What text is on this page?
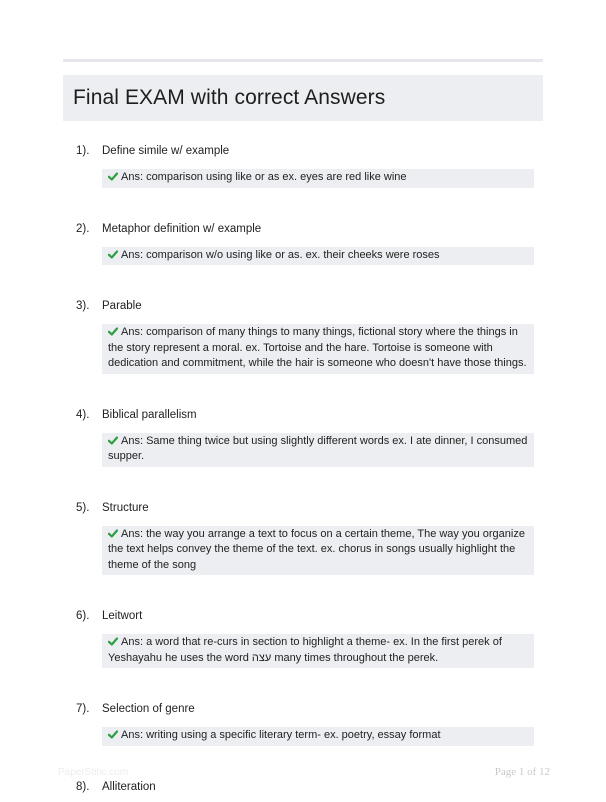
Final EXAM with correct Answers
1).	Define simile w/ example
Ans: comparison using like or as ex. eyes are red like wine
2).	Metaphor definition w/ example
Ans: comparison w/o using like or as. ex. their cheeks were roses
3).	Parable
Ans: comparison of many things to many things, fictional story where the things in the story represent a moral. ex. Tortoise and the hare. Tortoise is someone with dedication and commitment, while the hair is someone who doesn't have those things.
4).	Biblical parallelism
Ans: Same thing twice but using slightly different words ex. I ate dinner, I consumed supper.
5).	Structure
Ans: the way you arrange a text to focus on a certain theme, The way you organize the text helps convey the theme of the text. ex. chorus in songs usually highlight the theme of the song
6).	Leitwort
Ans: a word that re-curs in section to highlight a theme- ex. In the first perek of Yeshayahu he uses the word עצה many times throughout the perek.
7).	Selection of genre
Ans: writing using a specific literary term- ex. poetry, essay format
8).	Alliteration
PaperStitic.com	Page 1 of 12
